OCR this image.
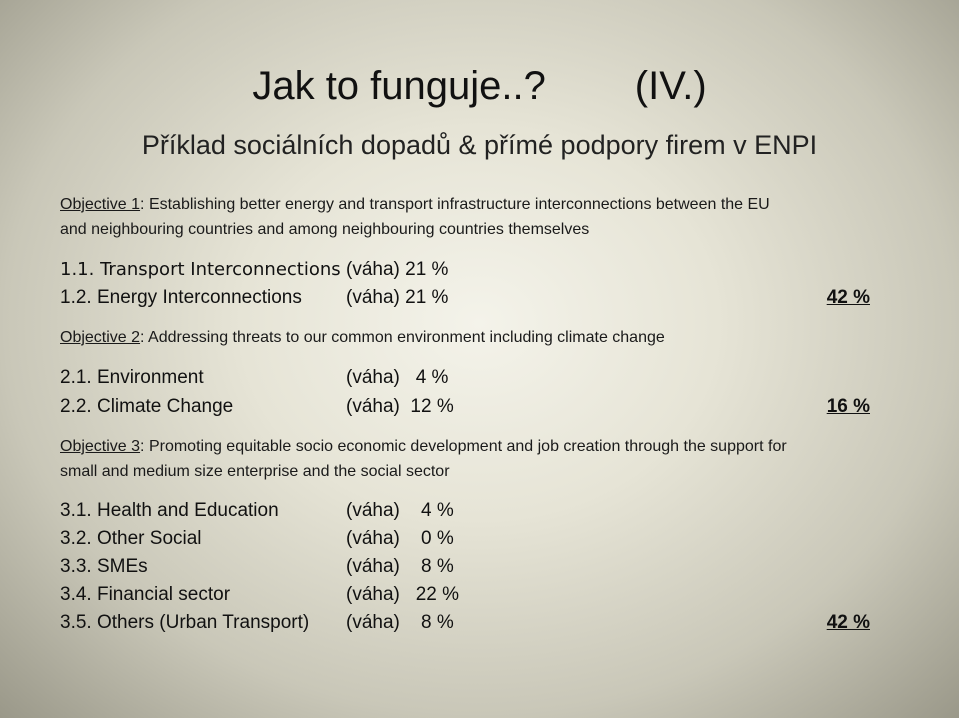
Jak to funguje..?        (IV.)
Příklad sociálních dopadů & přímé podpory firem v ENPI
Objective 1: Establishing better energy and transport infrastructure interconnections between the EU and neighbouring countries and among neighbouring countries themselves
1.1. Transport Interconnections (váha) 21 %
1.2. Energy Interconnections (váha) 21 %	42 %
Objective 2: Addressing threats to our common environment including climate change
2.1. Environment	(váha)   4 %
2.2. Climate Change	(váha)  12 %	16 %
Objective 3: Promoting equitable socio economic development and job creation through the support for small and medium size enterprise and the social sector
3.1. Health and Education	(váha)    4 %
3.2. Other Social	(váha)    0 %
3.3. SMEs	(váha)    8 %
3.4. Financial sector	(váha)   22 %
3.5. Others (Urban Transport) (váha)    8 %	42 %
